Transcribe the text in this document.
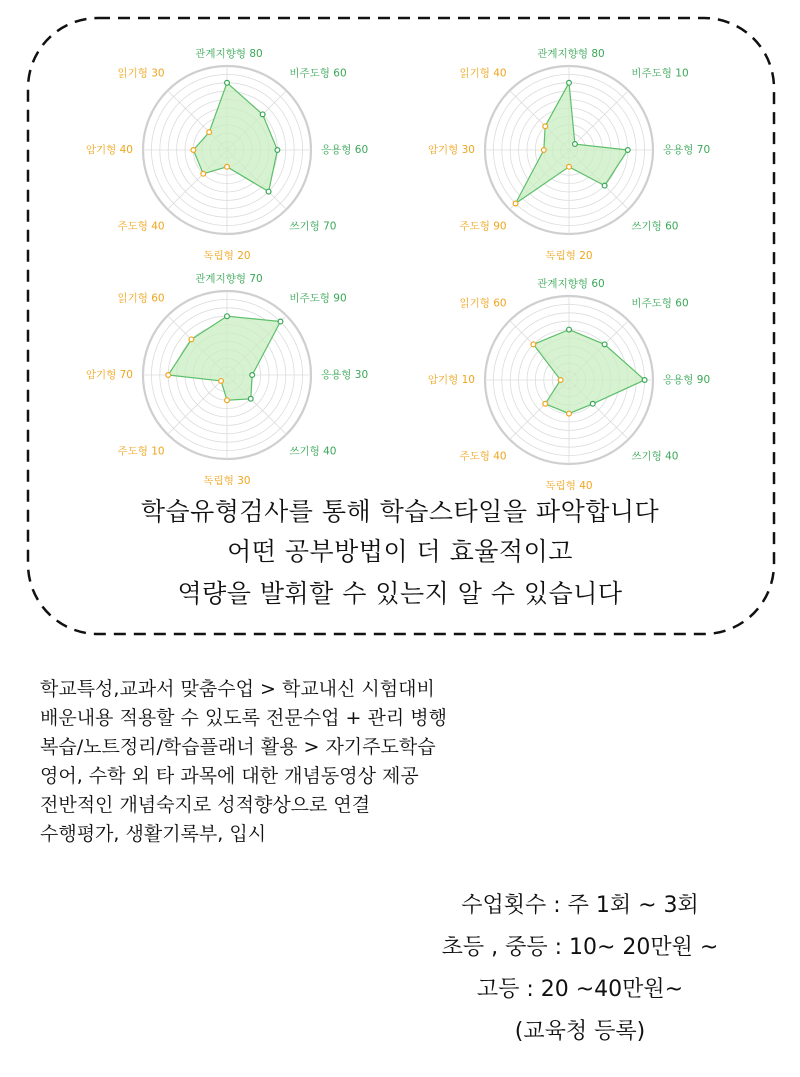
관계지향형 80
비주도형 60
응용형 60
쓰기형 70
독립형 20
주도형 40
암기형 40
읽기형 30
관계지향형 80
비주도형 10
응용형 70
쓰기형 60
독립형 20
주도형 90
암기형 30
읽기형 40
관계지향형 70
비주도형 90
응용형 30
쓰기형 40
독립형 30
주도형 10
암기형 70
읽기형 60
관계지향형 60
비주도형 60
응용형 90
쓰기형 40
독립형 40
주도형 40
암기형 10
읽기형 60
학습유형검사를 통해 학습스타일을 파악합니다
어떤 공부방법이 더 효율적이고
역량을 발휘할 수 있는지 알 수 있습니다
학교특성,교과서 맞춤수업 > 학교내신 시험대비
배운내용 적용할 수 있도록 전문수업 + 관리 병행
복습/노트정리/학습플래너 활용 > 자기주도학습
영어, 수학 외 타 과목에 대한 개념동영상 제공
전반적인 개념숙지로 성적향상으로 연결
수행평가, 생활기록부, 입시
수업횟수 : 주 1회 ~ 3회
초등 , 중등 : 10~ 20만원 ~
고등 : 20 ~40만원~
(교육청 등록)
